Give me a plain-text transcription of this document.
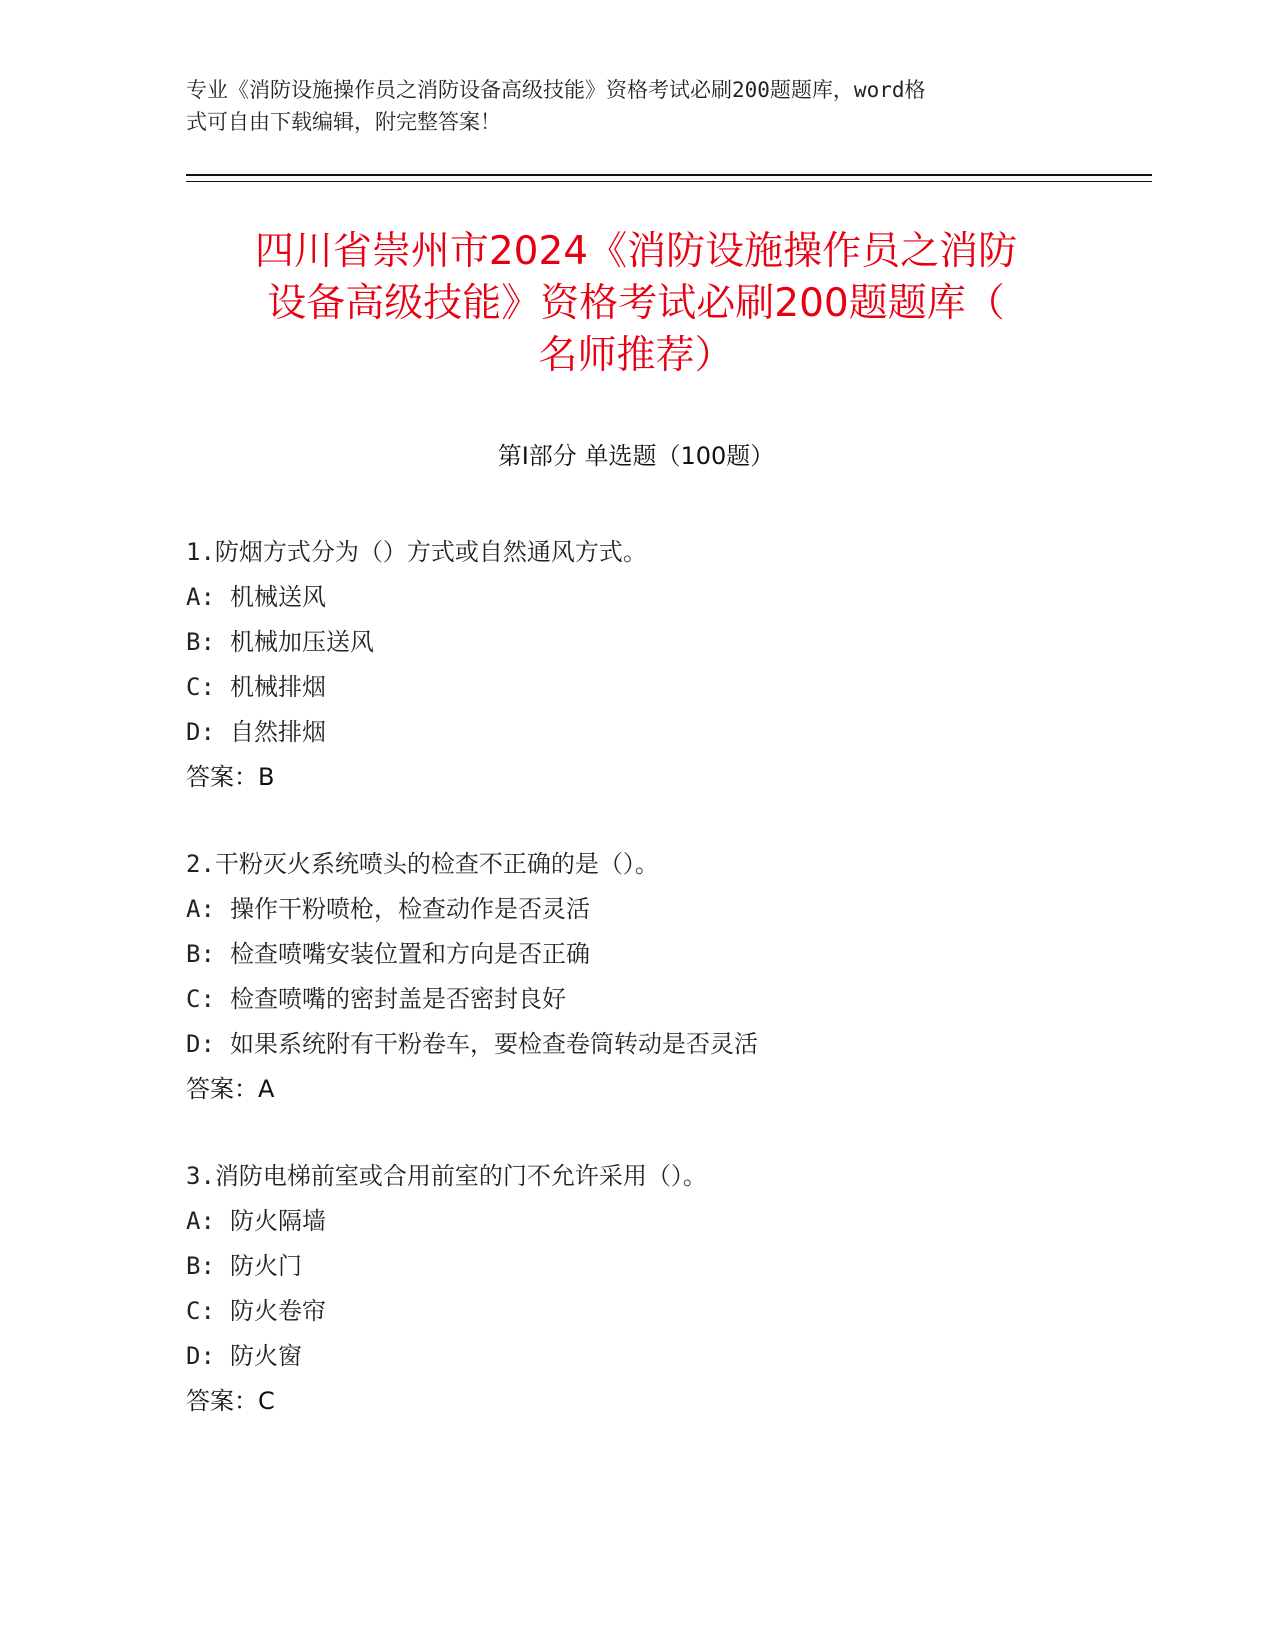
专业《消防设施操作员之消防设备高级技能》资格考试必刷200题题库，word格
式可自由下载编辑，附完整答案！
四川省崇州市2024《消防设施操作员之消防
设备高级技能》资格考试必刷200题题库（
名师推荐）
第Ⅰ部分 单选题（100题）
1.防烟方式分为（）方式或自然通风方式。
A: 机械送风
B: 机械加压送风
C: 机械排烟
D: 自然排烟
答案：B
2.干粉灭火系统喷头的检查不正确的是（）。
A: 操作干粉喷枪，检查动作是否灵活
B: 检查喷嘴安装位置和方向是否正确
C: 检查喷嘴的密封盖是否密封良好
D: 如果系统附有干粉卷车，要检查卷筒转动是否灵活
答案：A
3.消防电梯前室或合用前室的门不允许采用（）。
A: 防火隔墙
B: 防火门
C: 防火卷帘
D: 防火窗
答案：C
